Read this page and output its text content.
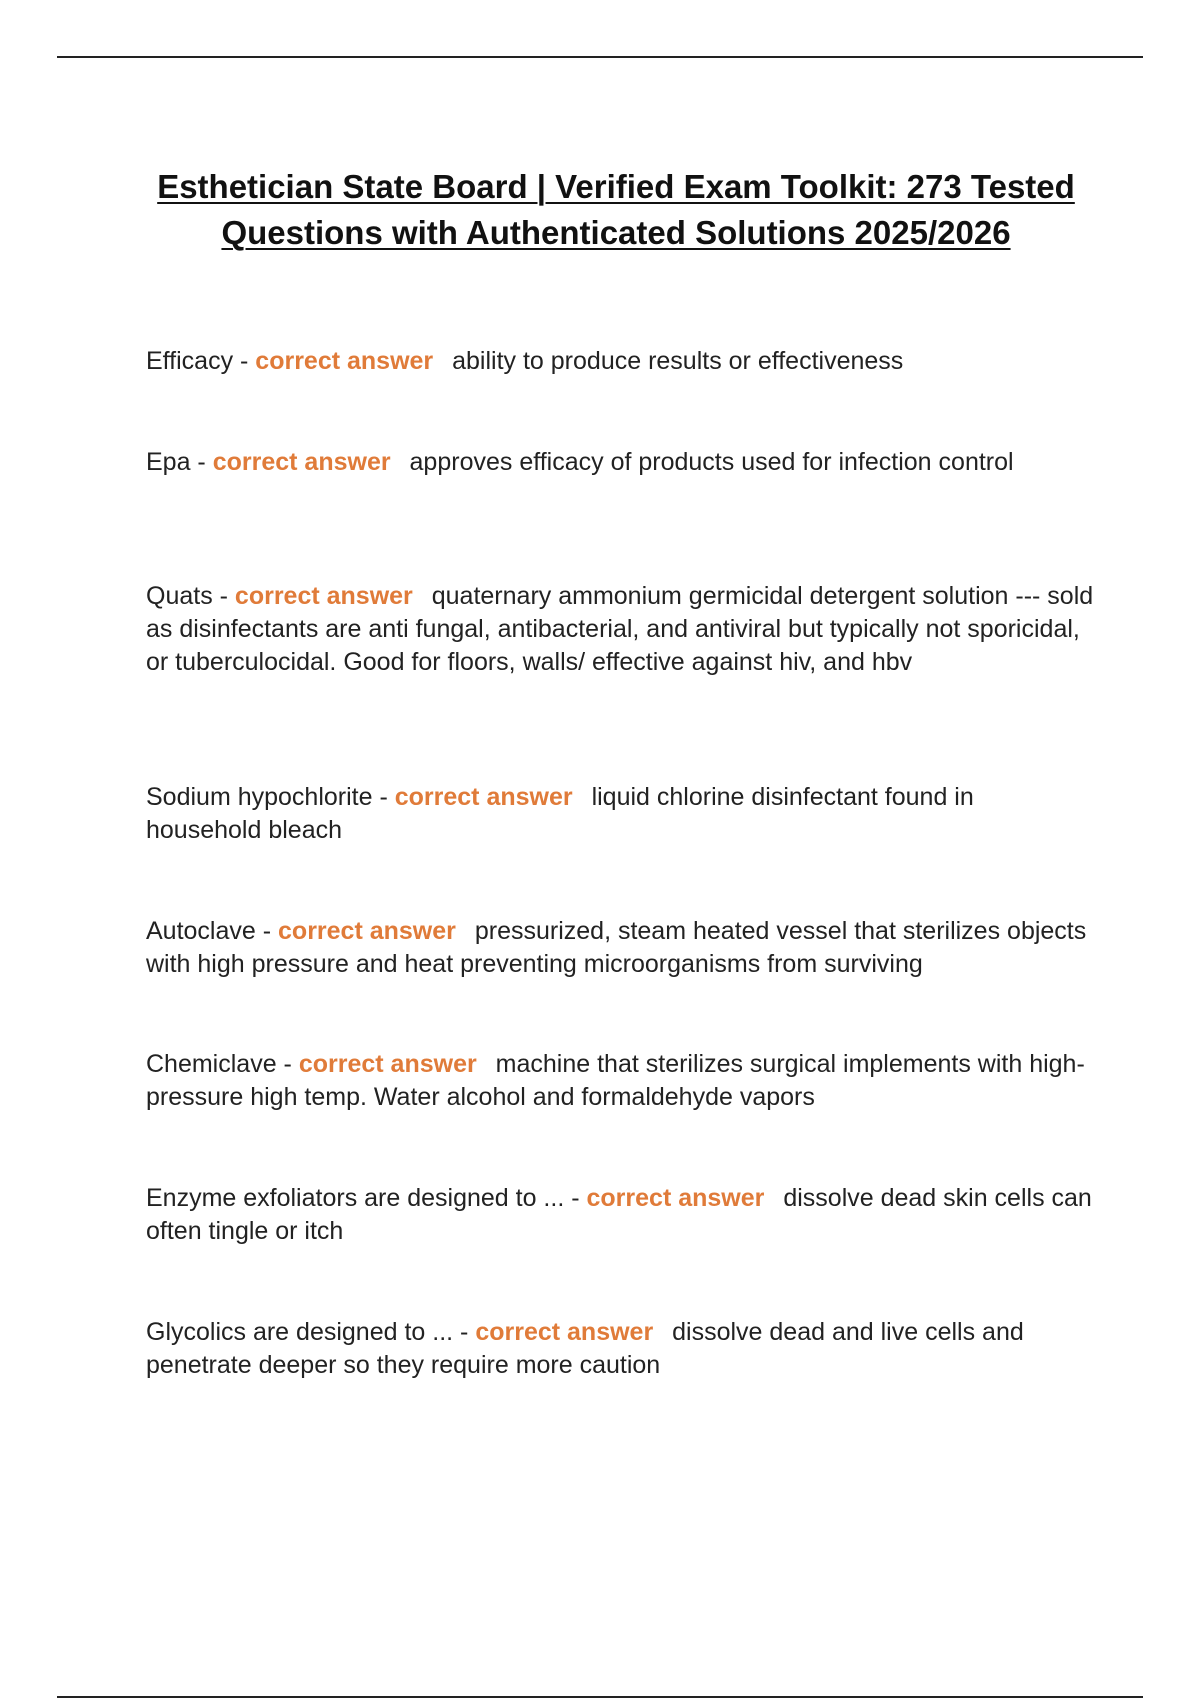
Esthetician State Board | Verified Exam Toolkit: 273 Tested Questions with Authenticated Solutions 2025/2026

Efficacy - correct answer ability to produce results or effectiveness

Epa - correct answer approves efficacy of products used for infection control

Quats - correct answer quaternary ammonium germicidal detergent solution --- sold as disinfectants are anti fungal, antibacterial, and antiviral but typically not sporicidal, or tuberculocidal. Good for floors, walls/ effective against hiv, and hbv

Sodium hypochlorite - correct answer liquid chlorine disinfectant found in household bleach

Autoclave - correct answer pressurized, steam heated vessel that sterilizes objects with high pressure and heat preventing microorganisms from surviving

Chemiclave - correct answer machine that sterilizes surgical implements with high-pressure high temp. Water alcohol and formaldehyde vapors

Enzyme exfoliators are designed to ... - correct answer dissolve dead skin cells can often tingle or itch

Glycolics are designed to ... - correct answer dissolve dead and live cells and penetrate deeper so they require more caution
